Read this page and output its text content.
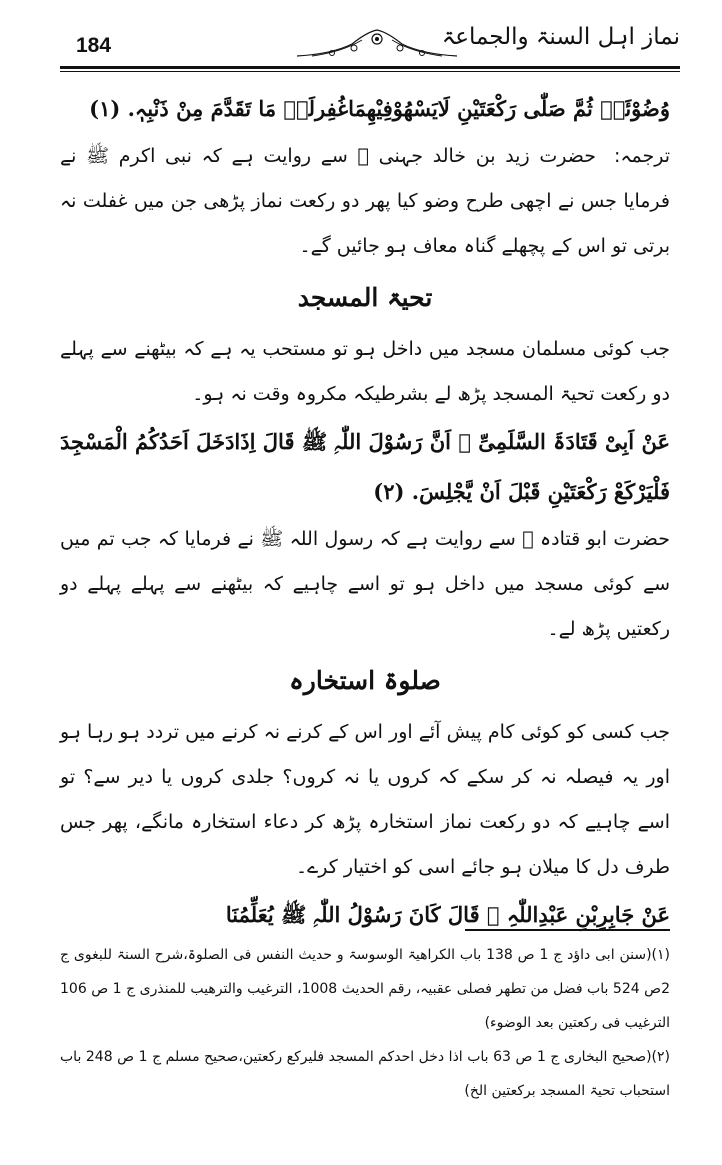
184	نماز اہل السنۃ والجماعۃ

وُضُوْئَہٗ ثُمَّ صَلّٰی رَکْعَتَیْنِ لَایَسْھُوْفِیْھِمَاغُفِرلَہٗ مَا تَقَدَّمَ مِنْ ذَنْبِہٖ. (۱)

ترجمہ:حضرت زید بن خالد جہنی ﷜ سے روایت ہے کہ نبی اکرم ﷺ نے فرمایا جس نے اچھی طرح وضو کیا پھر دو رکعت نماز پڑھی جن میں غفلت نہ برتی تو اس کے پچھلے گناہ معاف ہو جائیں گے۔

تحیۃ المسجد

جب کوئی مسلمان مسجد میں داخل ہو تو مستحب یہ ہے کہ بیٹھنے سے پہلے دو رکعت تحیۃ المسجد پڑھ لے بشرطیکہ مکروہ وقت نہ ہو۔

عَنْ اَبِیْ قَتَادَۃَ السَّلَمِیِّ ﷜ اَنَّ رَسُوْلَ اللّٰہِ ﷺ قَالَ اِذَادَخَلَ اَحَدُکُمُ الْمَسْجِدَ فَلْیَرْکَعْ رَکْعَتَیْنِ قَبْلَ اَنْ یَّجْلِسَ. (۲)

حضرت ابو قتادہ ﷜ سے روایت ہے کہ رسول اللہ ﷺ نے فرمایا کہ جب تم میں سے کوئی مسجد میں داخل ہو تو اسے چاہیے کہ بیٹھنے سے پہلے پہلے دو رکعتیں پڑھ لے۔

صلوۃ استخارہ

جب کسی کو کوئی کام پیش آئے اور اس کے کرنے نہ کرنے میں تردد ہو رہا ہو اور یہ فیصلہ نہ کر سکے کہ کروں یا نہ کروں؟ جلدی کروں یا دیر سے؟ تو اسے چاہیے کہ دو رکعت نماز استخارہ پڑھ کر دعاء استخارہ مانگے، پھر جس طرف دل کا میلان ہو جائے اسی کو اختیار کرے۔

عَنْ جَابِرِبْنِ عَبْدِاللّٰہِ ﷜ قَالَ کَانَ رَسُوْلُ اللّٰہِ ﷺ یُعَلِّمُنَا

(۱)(سنن ابی داؤد ج 1 ص 138 باب الکراھیۃ الوسوسۃ و حدیث النفس فی الصلوۃ،شرح السنۃ للبغوی ج 2ص 524 باب فضل من تطھر فصلی عقبیہ، رقم الحدیث 1008، الترغیب والترھیب للمنذری ج 1 ص 106 الترغیب فی رکعتین بعد الوضوء)

(۲)(صحیح البخاری ج 1 ص 63 باب اذا دخل احدکم المسجد فلیرکع رکعتین،صحیح مسلم ج 1 ص 248 باب استحباب تحیۃ المسجد برکعتین الخ)
